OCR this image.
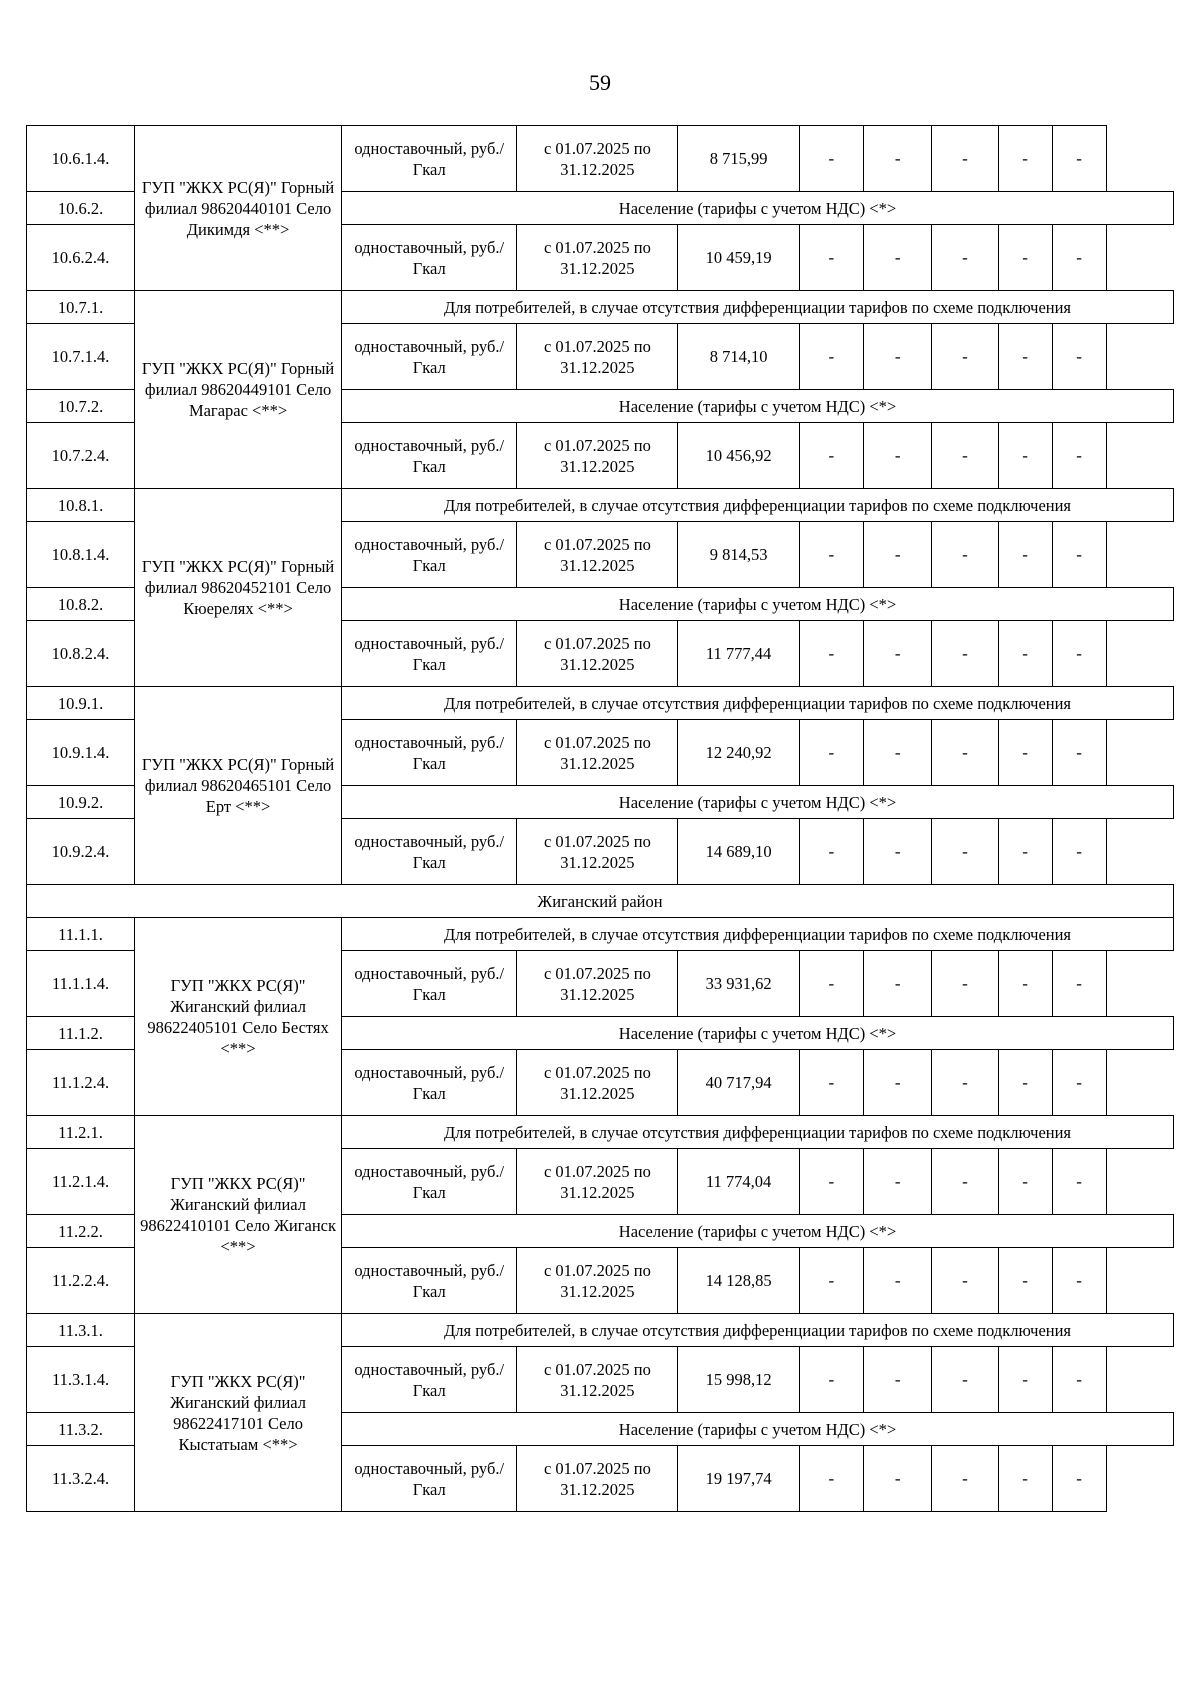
59
10.6.1.4.	ГУП "ЖКХ РС(Я)" Горный филиал 98620440101 Село Дикимдя <**>	одноставочный, руб./Гкал	с 01.07.2025 по 31.12.2025	8 715,99	-	-	-	-	-
10.6.2.		Население (тарифы с учетом НДС) <*>							
10.6.2.4.		одноставочный, руб./Гкал	с 01.07.2025 по 31.12.2025	10 459,19	-	-	-	-	-
10.7.1.	ГУП "ЖКХ РС(Я)" Горный филиал 98620449101 Село Магарас <**>	Для потребителей, в случае отсутствия дифференциации тарифов по схеме подключения							
10.7.1.4.		одноставочный, руб./Гкал	с 01.07.2025 по 31.12.2025	8 714,10	-	-	-	-	-
10.7.2.		Население (тарифы с учетом НДС) <*>							
10.7.2.4.		одноставочный, руб./Гкал	с 01.07.2025 по 31.12.2025	10 456,92	-	-	-	-	-
10.8.1.	ГУП "ЖКХ РС(Я)" Горный филиал 98620452101 Село Кюерелях <**>	Для потребителей, в случае отсутствия дифференциации тарифов по схеме подключения							
10.8.1.4.		одноставочный, руб./Гкал	с 01.07.2025 по 31.12.2025	9 814,53	-	-	-	-	-
10.8.2.		Население (тарифы с учетом НДС) <*>							
10.8.2.4.		одноставочный, руб./Гкал	с 01.07.2025 по 31.12.2025	11 777,44	-	-	-	-	-
10.9.1.	ГУП "ЖКХ РС(Я)" Горный филиал 98620465101 Село Ерт <**>	Для потребителей, в случае отсутствия дифференциации тарифов по схеме подключения							
10.9.1.4.		одноставочный, руб./Гкал	с 01.07.2025 по 31.12.2025	12 240,92	-	-	-	-	-
10.9.2.		Население (тарифы с учетом НДС) <*>							
10.9.2.4.		одноставочный, руб./Гкал	с 01.07.2025 по 31.12.2025	14 689,10	-	-	-	-	-
Жиганский район									
11.1.1.	ГУП "ЖКХ РС(Я)" Жиганский филиал 98622405101 Село Бестях <**>	Для потребителей, в случае отсутствия дифференциации тарифов по схеме подключения							
11.1.1.4.		одноставочный, руб./Гкал	с 01.07.2025 по 31.12.2025	33 931,62	-	-	-	-	-
11.1.2.		Население (тарифы с учетом НДС) <*>							
11.1.2.4.		одноставочный, руб./Гкал	с 01.07.2025 по 31.12.2025	40 717,94	-	-	-	-	-
11.2.1.	ГУП "ЖКХ РС(Я)" Жиганский филиал 98622410101 Село Жиганск <**>	Для потребителей, в случае отсутствия дифференциации тарифов по схеме подключения							
11.2.1.4.		одноставочный, руб./Гкал	с 01.07.2025 по 31.12.2025	11 774,04	-	-	-	-	-
11.2.2.		Население (тарифы с учетом НДС) <*>							
11.2.2.4.		одноставочный, руб./Гкал	с 01.07.2025 по 31.12.2025	14 128,85	-	-	-	-	-
11.3.1.	ГУП "ЖКХ РС(Я)" Жиганский филиал 98622417101 Село Кыстатыам <**>	Для потребителей, в случае отсутствия дифференциации тарифов по схеме подключения							
11.3.1.4.		одноставочный, руб./Гкал	с 01.07.2025 по 31.12.2025	15 998,12	-	-	-	-	-
11.3.2.		Население (тарифы с учетом НДС) <*>							
11.3.2.4.		одноставочный, руб./Гкал	с 01.07.2025 по 31.12.2025	19 197,74	-	-	-	-	-
